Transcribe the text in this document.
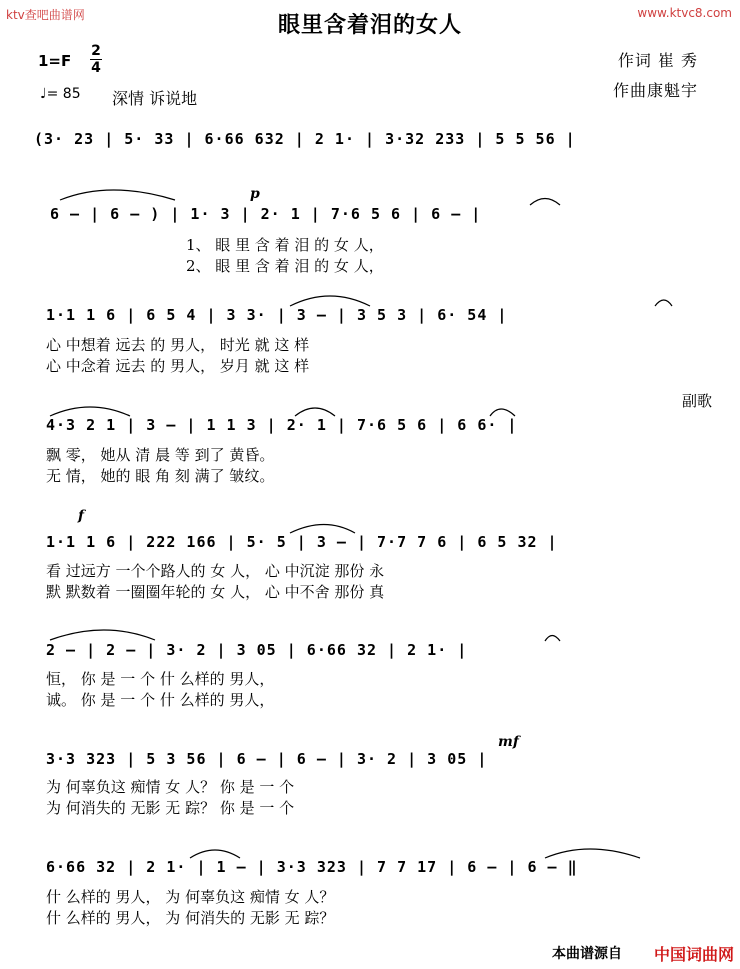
ktv查吧曲谱网	www.ktvc8.com
眼里含着泪的女人
1=F
2
4
♩= 85 深情 诉说地
作词 崔 秀
作曲康魁宇
p
f
mf
副歌
(3· 23 | 5· 33 | 6·66 632 | 2 1· | 3·32 233 | 5 5 56 |
6 — | 6 — ) | 1· 3 | 2· 1 | 7·6 5 6 | 6 — |
1、 眼 里 含 着 泪 的 女 人，
2、 眼 里 含 着 泪 的 女 人，
1·1 1 6 | 6 5 4 | 3 3· | 3 — | 3 5 3 | 6· 54 |
心 中想着 远去 的 男人， 时光 就 这 样
心 中念着 远去 的 男人， 岁月 就 这 样
4·3 2 1 | 3 — | 1 1 3 | 2· 1 | 7·6 5 6 | 6 6· |
飘 零， 她从 清 晨 等 到了 黄昏。
无 情， 她的 眼 角 刻 满了 皱纹。
1·1 1 6 | 222 166 | 5· 5 | 3 — | 7·7 7 6 | 6 5 32 |
看 过远方 一个个路人的 女 人， 心 中沉淀 那份 永
默 默数着 一圈圈年轮的 女 人， 心 中不舍 那份 真
2 — | 2 — | 3· 2 | 3 05 | 6·66 32 | 2 1· |
恒， 你 是 一 个 什 么样的 男人，
诚。 你 是 一 个 什 么样的 男人，
3·3 323 | 5 3 56 | 6 — | 6 — | 3· 2 | 3 05 |
为 何辜负这 痴情 女 人？ 你 是 一 个
为 何消失的 无影 无 踪？ 你 是 一 个
6·66 32 | 2 1· | 1 — | 3·3 323 | 7 7 17 | 6 — | 6 — ‖
什 么样的 男人， 为 何辜负这 痴情 女 人？
什 么样的 男人， 为 何消失的 无影 无 踪？
本曲谱源自 中国词曲网
